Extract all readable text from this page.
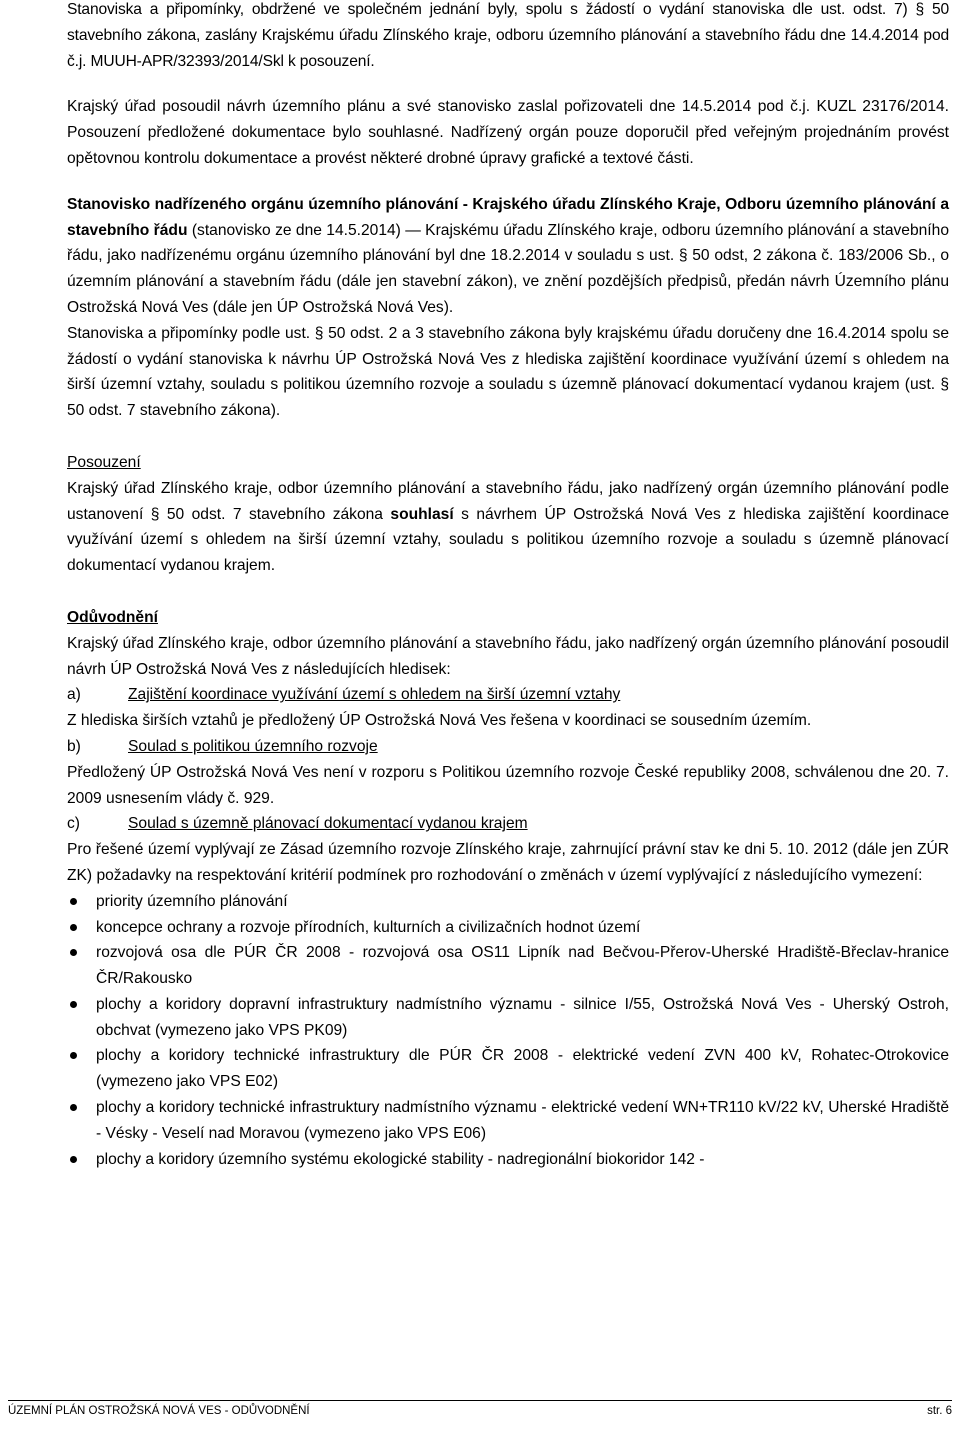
Stanoviska a připomínky, obdržené ve společném jednání byly, spolu s žádostí o vydání stanoviska dle ust. odst. 7) § 50 stavebního zákona, zaslány Krajskému úřadu Zlínského kraje, odboru územního plánování a stavebního řádu dne 14.4.2014 pod č.j. MUUH-APR/32393/2014/Skl k posouzení.

Krajský úřad posoudil návrh územního plánu a své stanovisko zaslal pořizovateli dne 14.5.2014 pod č.j. KUZL 23176/2014. Posouzení předložené dokumentace bylo souhlasné. Nadřízený orgán pouze doporučil před veřejným projednáním provést opětovnou kontrolu dokumentace a provést některé drobné úpravy grafické a textové části.

Stanovisko nadřízeného orgánu územního plánování - Krajského úřadu Zlínského Kraje, Odboru územního plánování a stavebního řádu (stanovisko ze dne 14.5.2014) — Krajskému úřadu Zlínského kraje, odboru územního plánování a stavebního řádu, jako nadřízenému orgánu územního plánování byl dne 18.2.2014 v souladu s ust. § 50 odst, 2 zákona č. 183/2006 Sb., o územním plánování a stavebním řádu (dále jen stavební zákon), ve znění pozdějších předpisů, předán návrh Územního plánu Ostrožská Nová Ves (dále jen ÚP Ostrožská Nová Ves).

Stanoviska a připomínky podle ust. § 50 odst. 2 a 3 stavebního zákona byly krajskému úřadu doručeny dne 16.4.2014 spolu se žádostí o vydání stanoviska k návrhu ÚP Ostrožská Nová Ves z hlediska zajištění koordinace využívání území s ohledem na širší územní vztahy, souladu s politikou územního rozvoje a souladu s územně plánovací dokumentací vydanou krajem (ust. § 50 odst. 7 stavebního zákona).

Posouzení

Krajský úřad Zlínského kraje, odbor územního plánování a stavebního řádu, jako nadřízený orgán územního plánování podle ustanovení § 50 odst. 7 stavebního zákona souhlasí s návrhem ÚP Ostrožská Nová Ves z hlediska zajištění koordinace využívání území s ohledem na širší územní vztahy, souladu s politikou územního rozvoje a souladu s územně plánovací dokumentací vydanou krajem.

Odůvodnění

Krajský úřad Zlínského kraje, odbor územního plánování a stavebního řádu, jako nadřízený orgán územního plánování posoudil návrh ÚP Ostrožská Nová Ves z následujících hledisek:

a)	Zajištění koordinace využívání území s ohledem na širší územní vztahy

Z hlediska širších vztahů je předložený ÚP Ostrožská Nová Ves řešena v koordinaci se sousedním územím.

b)	Soulad s politikou územního rozvoje

Předložený ÚP Ostrožská Nová Ves není v rozporu s Politikou územního rozvoje České republiky 2008, schválenou dne 20. 7. 2009 usnesením vlády č. 929.

c)	Soulad s územně plánovací dokumentací vydanou krajem

Pro řešené území vyplývají ze Zásad územního rozvoje Zlínského kraje, zahrnující právní stav ke dni 5. 10. 2012 (dále jen ZÚR ZK) požadavky na respektování kritérií podmínek pro rozhodování o změnách v území vyplývající z následujícího vymezení:

priority územního plánování
koncepce ochrany a rozvoje přírodních, kulturních a civilizačních hodnot území
rozvojová osa dle PÚR ČR 2008 - rozvojová osa OS11 Lipník nad Bečvou-Přerov-Uherské Hradiště-Břeclav-hranice ČR/Rakousko
plochy a koridory dopravní infrastruktury nadmístního významu - silnice I/55, Ostrožská Nová Ves - Uherský Ostroh, obchvat (vymezeno jako VPS PK09)
plochy a koridory technické infrastruktury dle PÚR ČR 2008 - elektrické vedení ZVN 400 kV, Rohatec-Otrokovice (vymezeno jako VPS E02)
plochy a koridory technické infrastruktury nadmístního významu - elektrické vedení WN+TR110 kV/22 kV, Uherské Hradiště - Vésky - Veselí nad Moravou (vymezeno jako VPS E06)
plochy a koridory územního systému ekologické stability - nadregionální biokoridor 142 -
ÚZEMNÍ PLÁN OSTROŽSKÁ NOVÁ VES - ODŮVODNĚNÍ	str. 6
